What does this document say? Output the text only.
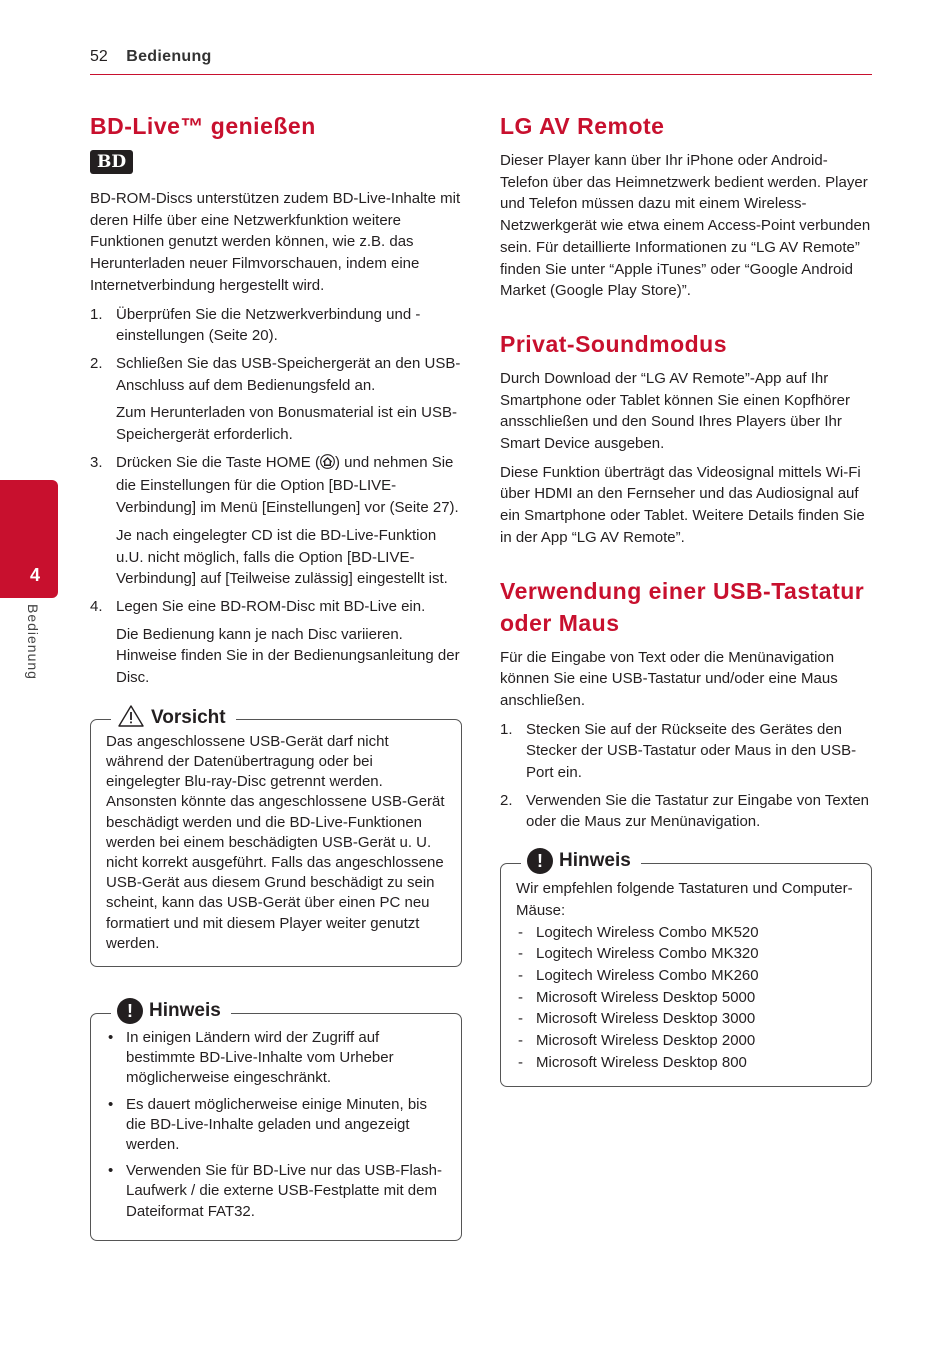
52 Bedienung
4
Bedienung
BD-Live™ genießen
BD

BD-ROM-Discs unterstützen zudem BD-Live-Inhalte mit deren Hilfe über eine Netzwerkfunktion weitere Funktionen genutzt werden können, wie z.B. das Herunterladen neuer Filmvorschauen, indem eine Internetverbindung hergestellt wird.

1. Überprüfen Sie die Netzwerkverbindung und -einstellungen (Seite 20).
2. Schließen Sie das USB-Speichergerät an den USB-Anschluss auf dem Bedienungsfeld an.
Zum Herunterladen von Bonusmaterial ist ein USB-Speichergerät erforderlich.
3. Drücken Sie die Taste HOME ( ) und nehmen Sie die Einstellungen für die Option [BD-LIVE-Verbindung] im Menü [Einstellungen] vor (Seite 27).
Je nach eingelegter CD ist die BD-Live-Funktion u.U. nicht möglich, falls die Option [BD-LIVE-Verbindung] auf [Teilweise zulässig] eingestellt ist.
4. Legen Sie eine BD-ROM-Disc mit BD-Live ein.
Die Bedienung kann je nach Disc variieren. Hinweise finden Sie in der Bedienungsanleitung der Disc.
Vorsicht

Das angeschlossene USB-Gerät darf nicht während der Datenübertragung oder bei eingelegter Blu-ray-Disc getrennt werden. Ansonsten könnte das angeschlossene USB-Gerät beschädigt werden und die BD-Live-Funktionen werden bei einem beschädigten USB-Gerät u. U. nicht korrekt ausgeführt. Falls das angeschlossene USB-Gerät aus diesem Grund beschädigt zu sein scheint, kann das USB-Gerät über einen PC neu formatiert und mit diesem Player weiter genutzt werden.

! Hinweis
• In einigen Ländern wird der Zugriff auf bestimmte BD-Live-Inhalte vom Urheber möglicherweise eingeschränkt.
• Es dauert möglicherweise einige Minuten, bis die BD-Live-Inhalte geladen und angezeigt werden.
• Verwenden Sie für BD-Live nur das USB-Flash-Laufwerk / die externe USB-Festplatte mit dem Dateiformat FAT32.
LG AV Remote

Dieser Player kann über Ihr iPhone oder Android-Telefon über das Heimnetzwerk bedient werden. Player und Telefon müssen dazu mit einem Wireless-Netzwerkgerät wie etwa einem Access-Point verbunden sein. Für detaillierte Informationen zu “LG AV Remote” finden Sie unter “Apple iTunes” oder “Google Android Market (Google Play Store)”.

Privat-Soundmodus

Durch Download der “LG AV Remote”-App auf Ihr Smartphone oder Tablet können Sie einen Kopfhörer ansschließen und den Sound Ihres Players über Ihr Smart Device ausgeben.

Diese Funktion überträgt das Videosignal mittels Wi-Fi über HDMI an den Fernseher und das Audiosignal auf ein Smartphone oder Tablet. Weitere Details finden Sie in der App “LG AV Remote”.

Verwendung einer USB-Tastatur oder Maus

Für die Eingabe von Text oder die Menünavigation können Sie eine USB-Tastatur und/oder eine Maus anschließen.

1. Stecken Sie auf der Rückseite des Gerätes den Stecker der USB-Tastatur oder Maus in den USB-Port ein.
2. Verwenden Sie die Tastatur zur Eingabe von Texten oder die Maus zur Menünavigation.
! Hinweis

Wir empfehlen folgende Tastaturen und Computer-Mäuse:

- Logitech Wireless Combo MK520
- Logitech Wireless Combo MK320
- Logitech Wireless Combo MK260
- Microsoft Wireless Desktop 5000
- Microsoft Wireless Desktop 3000
- Microsoft Wireless Desktop 2000
- Microsoft Wireless Desktop 800
